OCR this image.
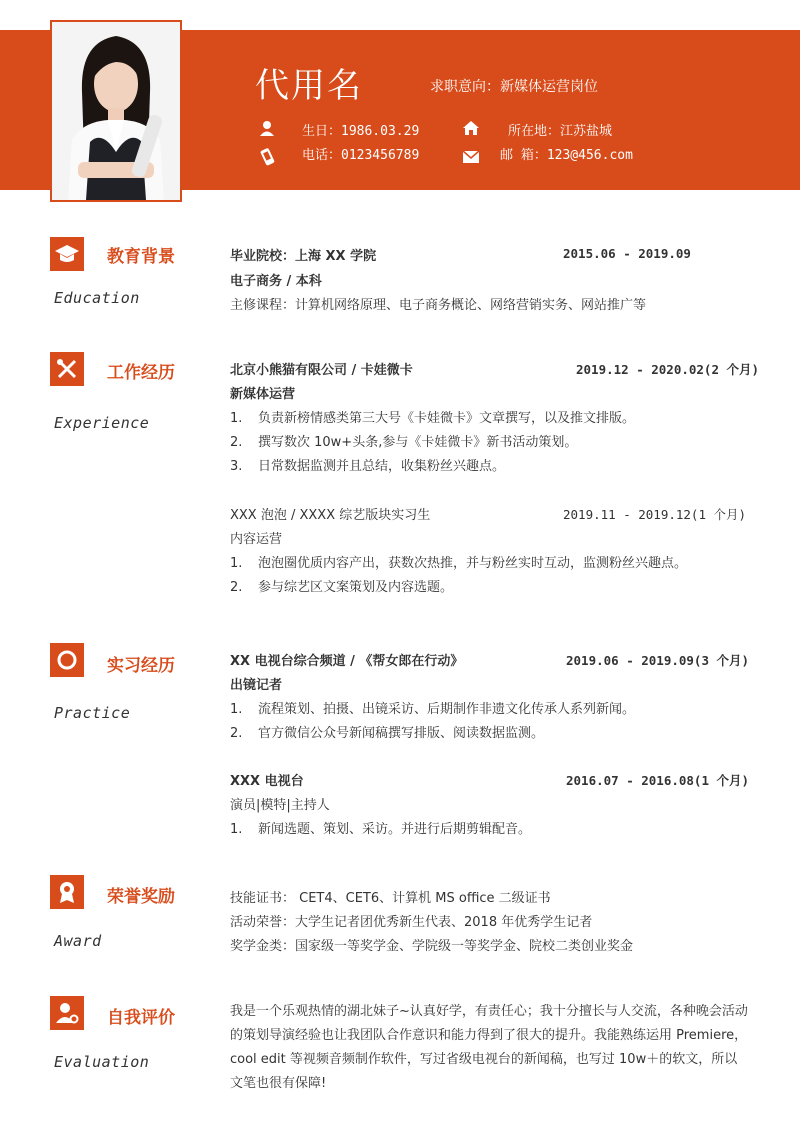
代用名	求职意向：新媒体运营岗位
生日：1986.03.29	所在地：江苏盐城
电话：0123456789	邮 箱：123@456.com
教育背景
Education
毕业院校：上海 XX 学院	2015.06 - 2019.09
电子商务 / 本科
主修课程：计算机网络原理、电子商务概论、网络营销实务、网站推广等
工作经历
Experience
北京小熊猫有限公司 / 卡娃微卡	2019.12 - 2020.02(2 个月)
新媒体运营
1. 负责新榜情感类第三大号《卡娃微卡》文章撰写，以及推文排版。
2. 撰写数次 10w+头条,参与《卡娃微卡》新书活动策划。
3. 日常数据监测并且总结，收集粉丝兴趣点。
XXX 泡泡 / XXXX 综艺版块实习生	2019.11 - 2019.12(1 个月)
内容运营
1. 泡泡圈优质内容产出，获数次热推，并与粉丝实时互动，监测粉丝兴趣点。
2. 参与综艺区文案策划及内容选题。
实习经历
Practice
XX 电视台综合频道 / 《帮女郎在行动》	2019.06 - 2019.09(3 个月)
出镜记者
1. 流程策划、拍摄、出镜采访、后期制作非遗文化传承人系列新闻。
2. 官方微信公众号新闻稿撰写排版、阅读数据监测。
XXX 电视台	2016.07 - 2016.08(1 个月)
演员|模特|主持人
1. 新闻选题、策划、采访。并进行后期剪辑配音。
荣誉奖励
Award
技能证书： CET4、CET6、计算机 MS office 二级证书
活动荣誉：大学生记者团优秀新生代表、2018 年优秀学生记者
奖学金类：国家级一等奖学金、学院级一等奖学金、院校二类创业奖金
自我评价
Evaluation
我是一个乐观热情的湖北妹子~认真好学，有责任心；我十分擅长与人交流，各种晚会活动的策划导演经验也让我团队合作意识和能力得到了很大的提升。我能熟练运用 Premiere，cool edit 等视频音频制作软件，写过省级电视台的新闻稿，也写过 10w＋的软文，所以文笔也很有保障!
